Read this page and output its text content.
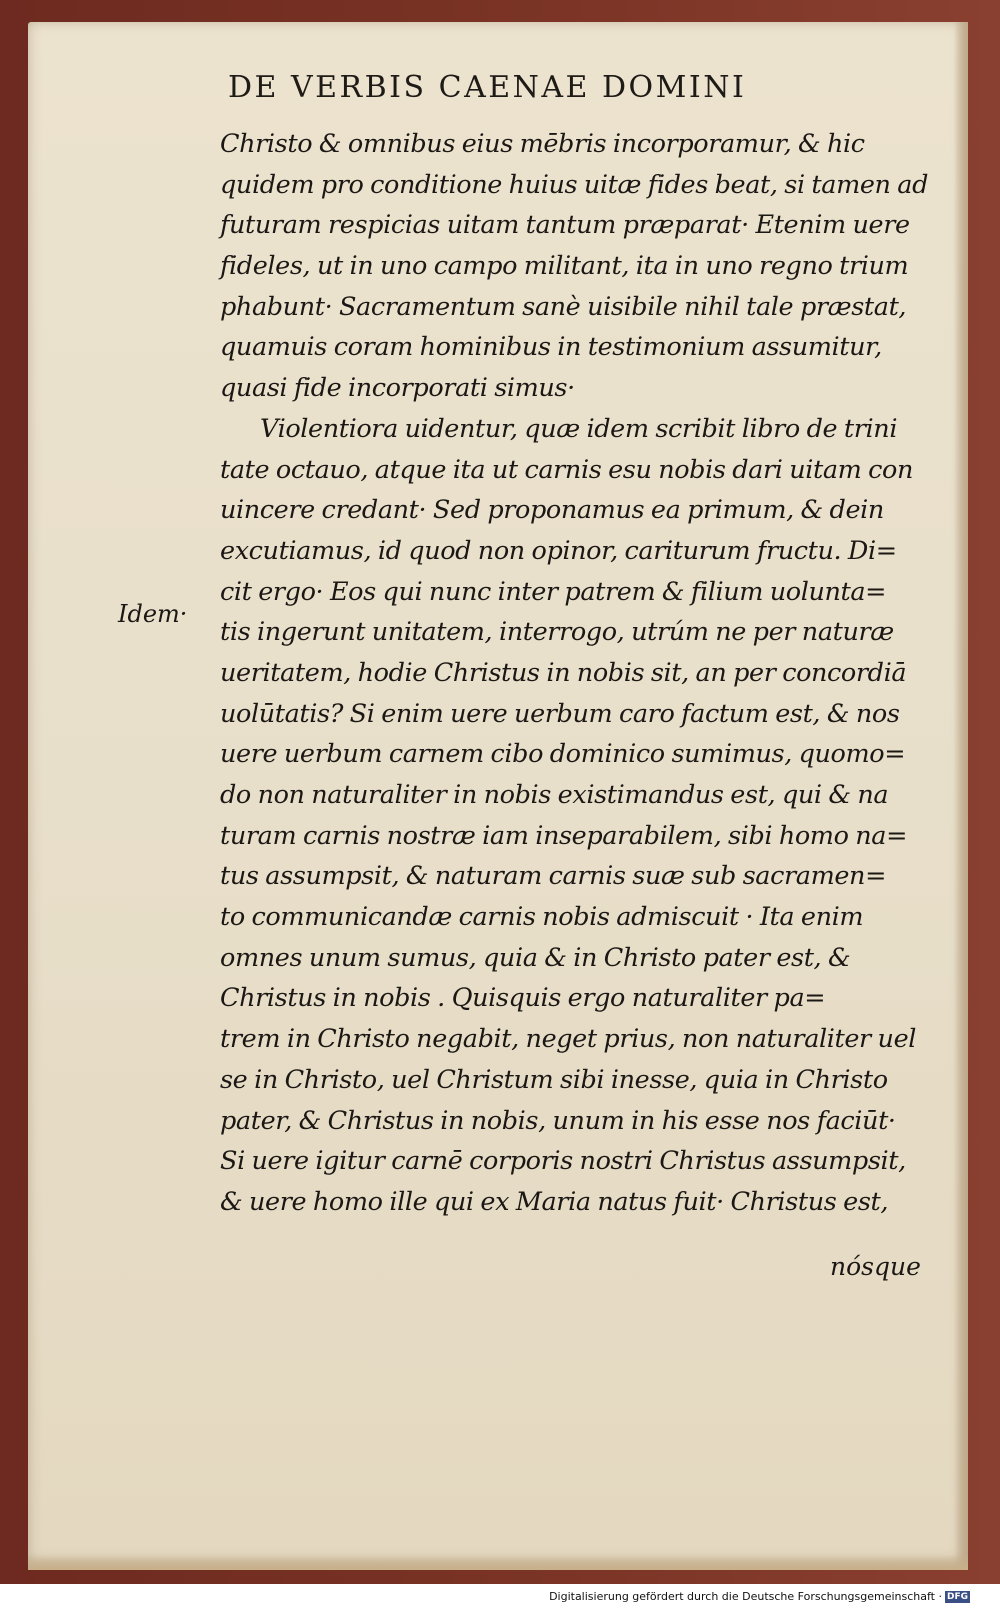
DE VERBIS CAENAE DOMINI
Idem·
Christo & omnibus eius mēbris incorporamur, & hic
quidem pro conditione huius uitæ fides beat, si tamen ad
futuram respicias uitam tantum præparat· Etenim uere
fideles, ut in uno campo militant, ita in uno regno trium
phabunt· Sacramentum sanè uisibile nihil tale præstat,
quamuis coram hominibus in testimonium assumitur,
quasi fide incorporati simus·
Violentiora uidentur, quæ idem scribit libro de trini
tate octauo, atque ita ut carnis esu nobis dari uitam con
uincere credant· Sed proponamus ea primum, & dein
excutiamus, id quod non opinor, cariturum fructu. Di=
cit ergo· Eos qui nunc inter patrem & filium uolunta=
tis ingerunt unitatem, interrogo, utrúm ne per naturæ
ueritatem, hodie Christus in nobis sit, an per concordiā
uolūtatis? Si enim uere uerbum caro factum est, & nos
uere uerbum carnem cibo dominico sumimus, quomo=
do non naturaliter in nobis existimandus est, qui & na
turam carnis nostræ iam inseparabilem, sibi homo na=
tus assumpsit, & naturam carnis suæ sub sacramen=
to communicandæ carnis nobis admiscuit · Ita enim
omnes unum sumus, quia & in Christo pater est, &
Christus in nobis . Quisquis ergo naturaliter pa=
trem in Christo negabit, neget prius, non naturaliter uel
se in Christo, uel Christum sibi inesse, quia in Christo
pater, & Christus in nobis, unum in his esse nos faciūt·
Si uere igitur carnē corporis nostri Christus assumpsit,
& uere homo ille qui ex Maria natus fuit· Christus est,
nósque
Digitalisierung gefördert durch die Deutsche Forschungsgemeinschaft · DFG
